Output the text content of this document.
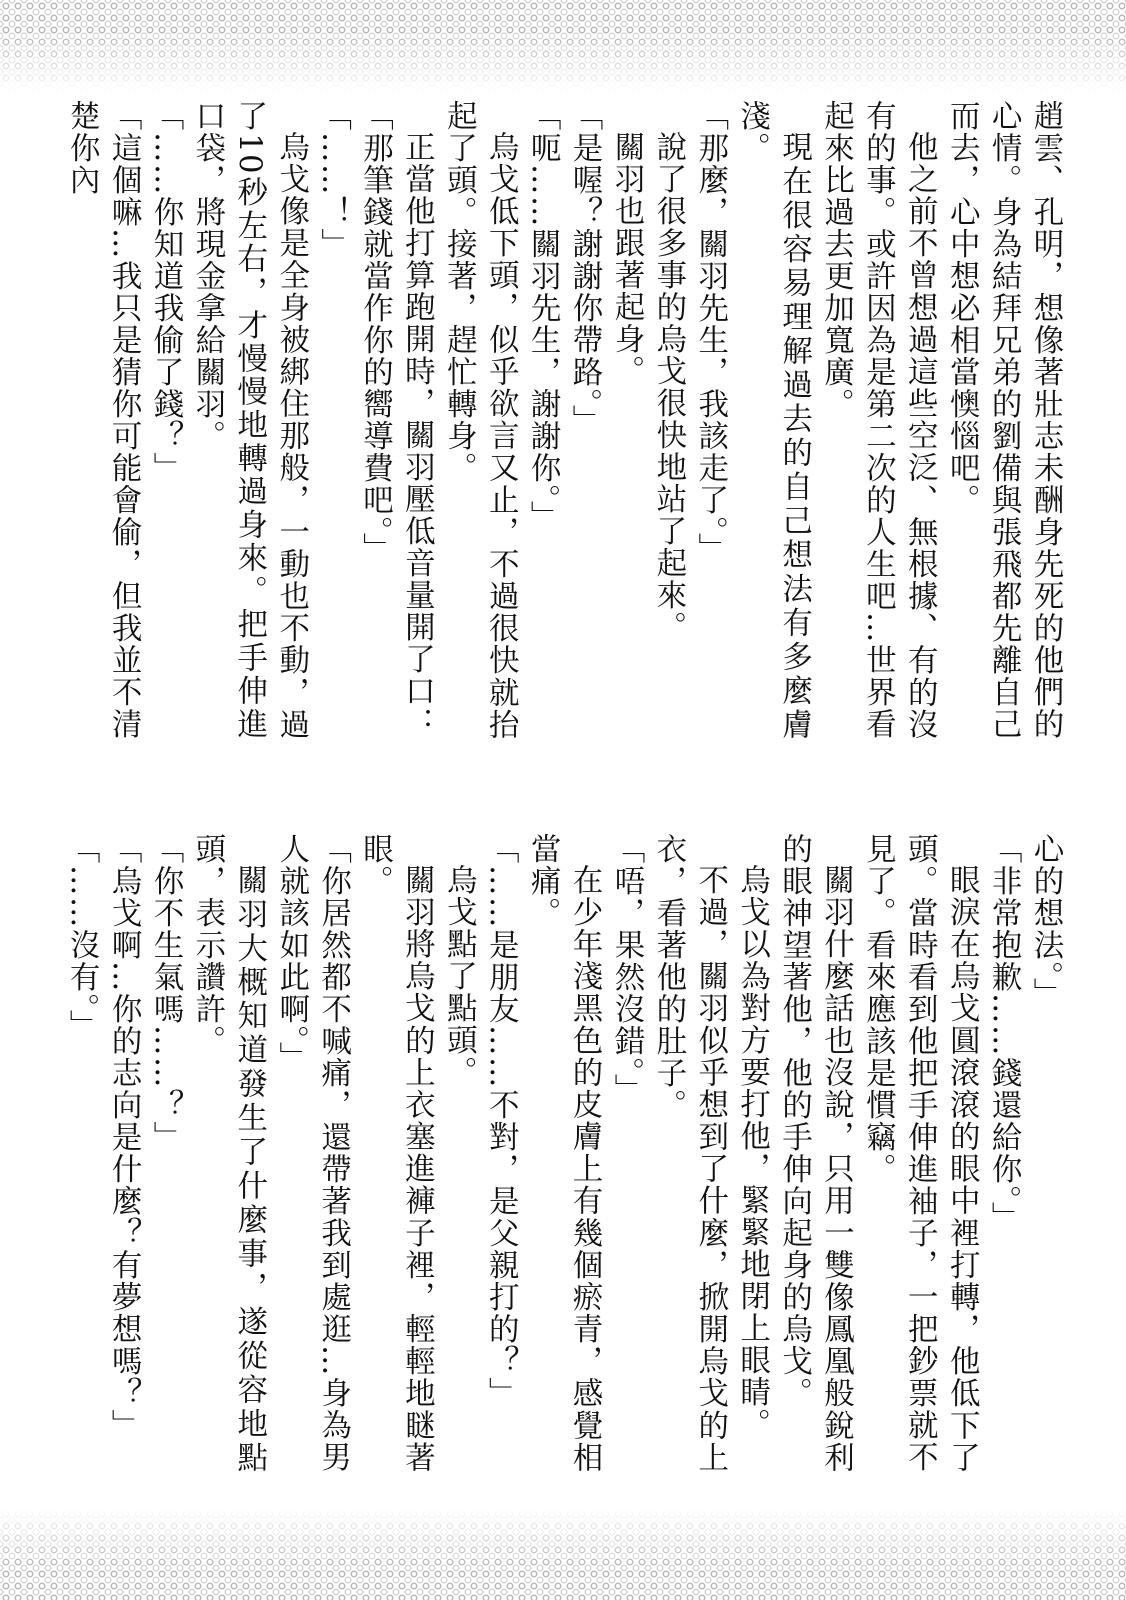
趙雲、孔明，想像著壯志未酬身先死的他們的心情。身為結拜兄弟的劉備與張飛都先離自己而去，心中想必相當懊惱吧。

他之前不曾想過這些空泛、無根據、有的沒有的事。或許因為是第二次的人生吧…世界看起來比過去更加寬廣。

現在很容易理解過去的自己想法有多麼膚淺。

「那麼，關羽先生，我該走了。」

說了很多事的烏戈很快地站了起來。

關羽也跟著起身。

「是喔？謝謝你帶路。」

「呃……關羽先生，謝謝你。」

烏戈低下頭，似乎欲言又止，不過很快就抬起了頭。接著，趕忙轉身。

正當他打算跑開時，關羽壓低音量開了口：

「那筆錢就當作你的嚮導費吧。」

「……！」

烏戈像是全身被綁住那般，一動也不動，過了10秒左右，才慢慢地轉過身來。把手伸進口袋，將現金拿給關羽。

「……你知道我偷了錢？」

「這個嘛…我只是猜你可能會偷，但我並不清楚你內

心的想法。」

「非常抱歉……錢還給你。」

眼淚在烏戈圓滾滾的眼中裡打轉，他低下了頭。當時看到他把手伸進袖子，一把鈔票就不見了。看來應該是慣竊。

關羽什麼話也沒說，只用一雙像鳳凰般銳利的眼神望著他，他的手伸向起身的烏戈。

烏戈以為對方要打他，緊緊地閉上眼睛。

不過，關羽似乎想到了什麼，掀開烏戈的上衣，看著他的肚子。

「唔，果然沒錯。」

在少年淺黑色的皮膚上有幾個瘀青，感覺相當痛。

「……是朋友……不對，是父親打的？」

烏戈點了點頭。

關羽將烏戈的上衣塞進褲子裡，輕輕地瞇著眼。

「你居然都不喊痛，還帶著我到處逛…身為男人就該如此啊。」

關羽大概知道發生了什麼事，遂從容地點頭，表示讚許。

「你不生氣嗎……？」

「烏戈啊…你的志向是什麼？有夢想嗎？」

「……沒有。」
